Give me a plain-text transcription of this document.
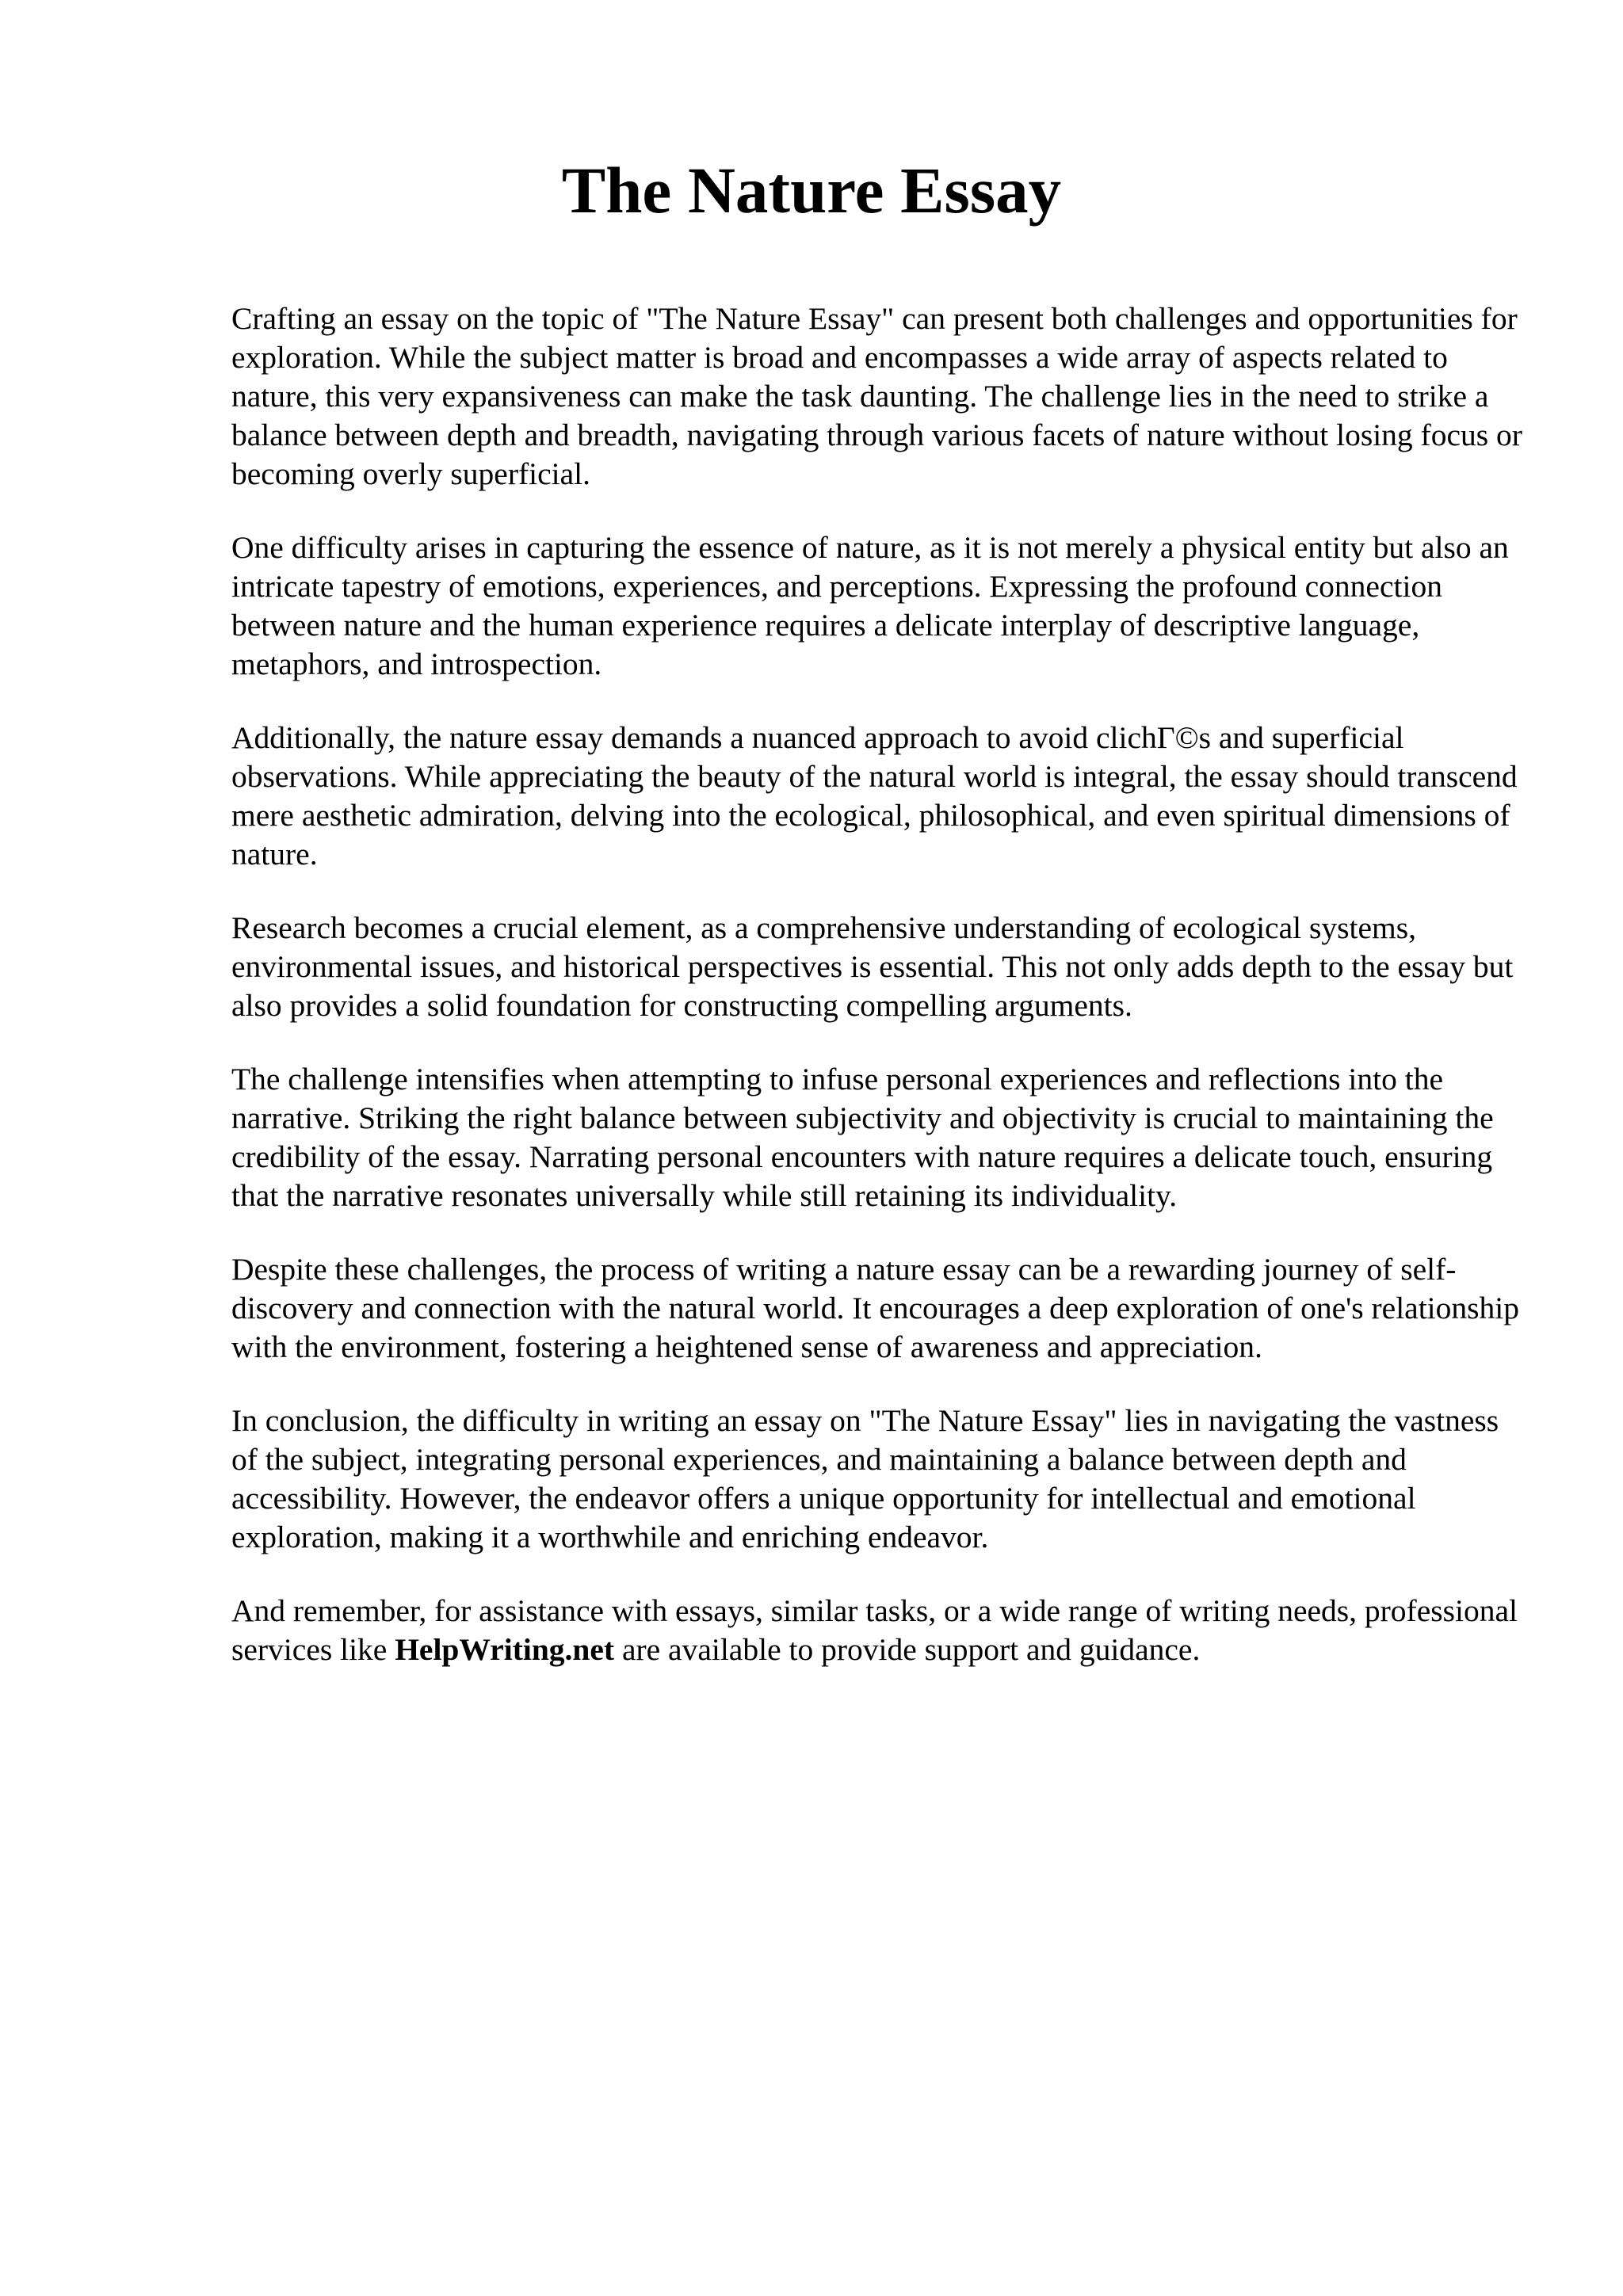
The Nature Essay

Crafting an essay on the topic of "The Nature Essay" can present both challenges and opportunities for exploration. While the subject matter is broad and encompasses a wide array of aspects related to nature, this very expansiveness can make the task daunting. The challenge lies in the need to strike a balance between depth and breadth, navigating through various facets of nature without losing focus or becoming overly superficial.

One difficulty arises in capturing the essence of nature, as it is not merely a physical entity but also an intricate tapestry of emotions, experiences, and perceptions. Expressing the profound connection between nature and the human experience requires a delicate interplay of descriptive language, metaphors, and introspection.

Additionally, the nature essay demands a nuanced approach to avoid clichΓ©s and superficial observations. While appreciating the beauty of the natural world is integral, the essay should transcend mere aesthetic admiration, delving into the ecological, philosophical, and even spiritual dimensions of nature.

Research becomes a crucial element, as a comprehensive understanding of ecological systems, environmental issues, and historical perspectives is essential. This not only adds depth to the essay but also provides a solid foundation for constructing compelling arguments.

The challenge intensifies when attempting to infuse personal experiences and reflections into the narrative. Striking the right balance between subjectivity and objectivity is crucial to maintaining the credibility of the essay. Narrating personal encounters with nature requires a delicate touch, ensuring that the narrative resonates universally while still retaining its individuality.

Despite these challenges, the process of writing a nature essay can be a rewarding journey of self-discovery and connection with the natural world. It encourages a deep exploration of one's relationship with the environment, fostering a heightened sense of awareness and appreciation.

In conclusion, the difficulty in writing an essay on "The Nature Essay" lies in navigating the vastness of the subject, integrating personal experiences, and maintaining a balance between depth and accessibility. However, the endeavor offers a unique opportunity for intellectual and emotional exploration, making it a worthwhile and enriching endeavor.

And remember, for assistance with essays, similar tasks, or a wide range of writing needs, professional services like HelpWriting.net are available to provide support and guidance.
